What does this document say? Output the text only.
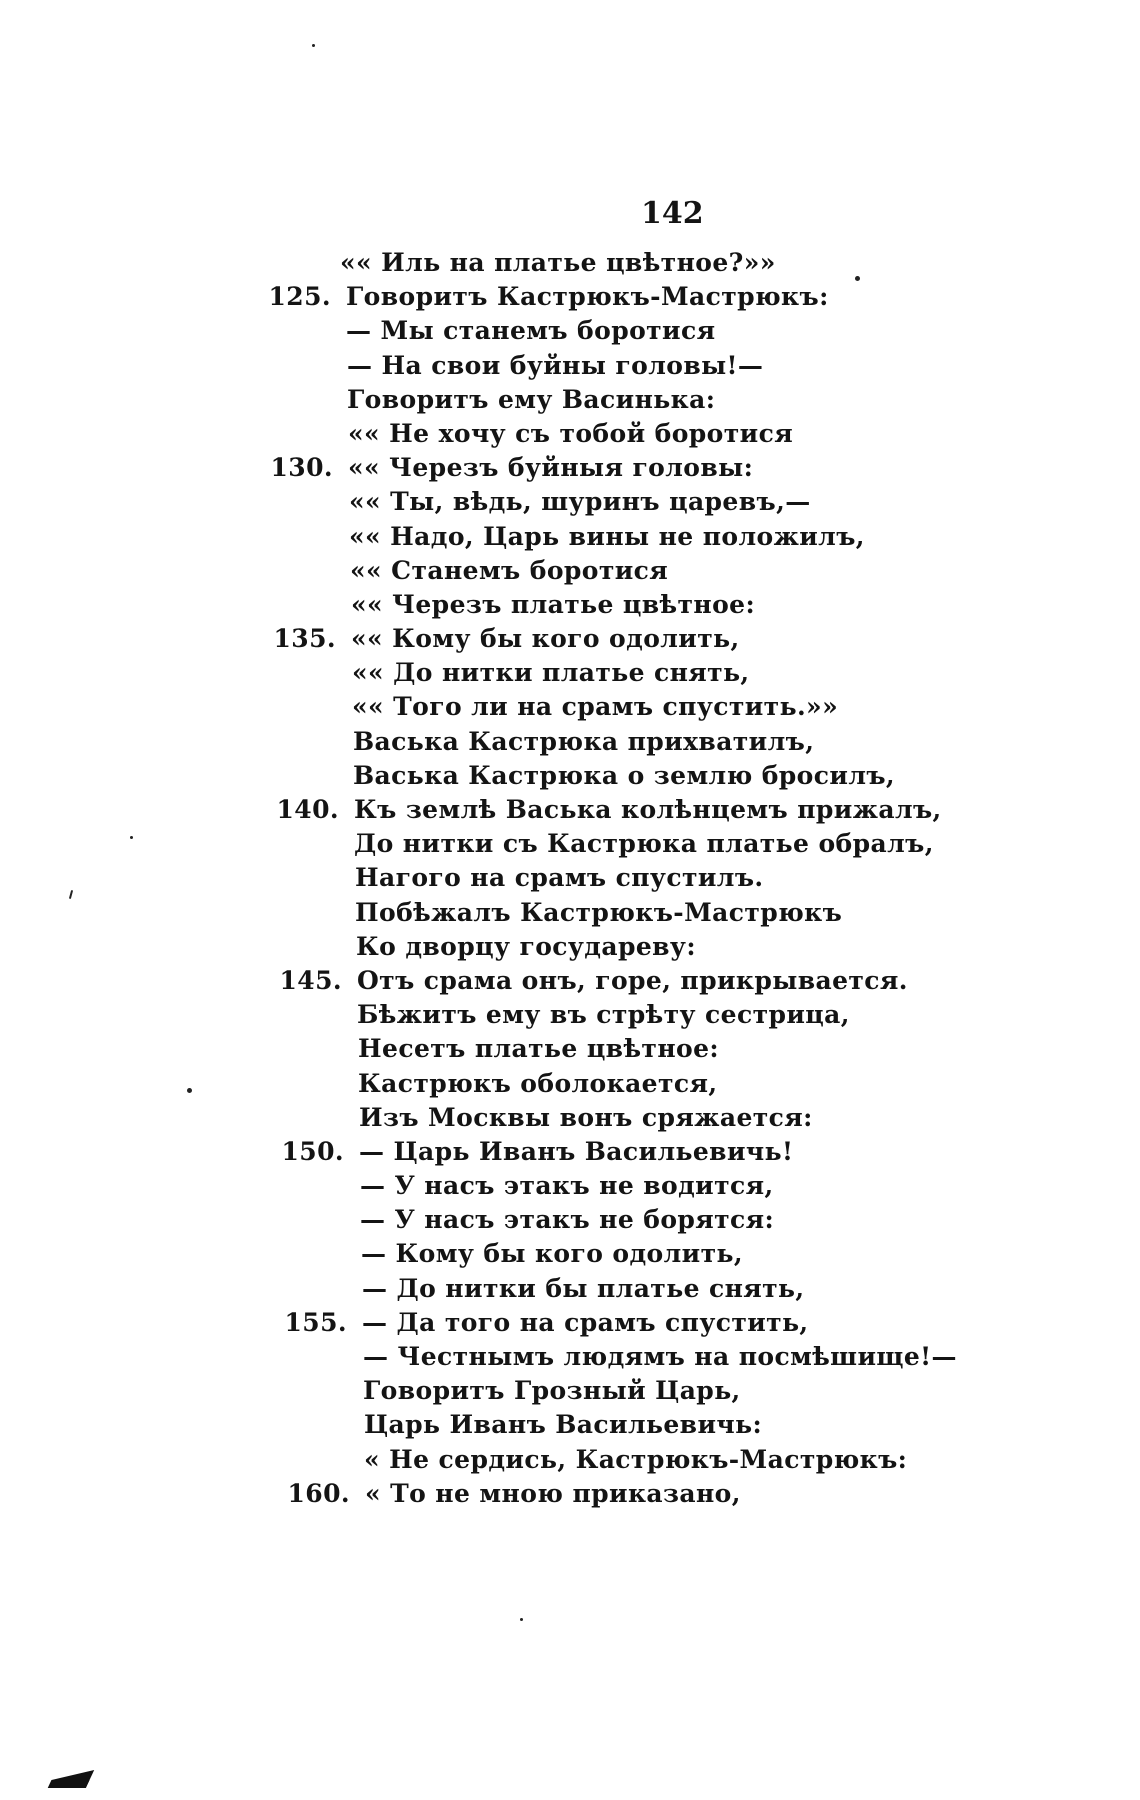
142
«« Иль на платье цвѣтное?»»
125. Говоритъ Кастрюкъ-Мастрюкъ:
— Мы станемъ боротися
— На свои буйны головы!—
Говоритъ ему Васинька:
«« Не хочу съ тобой боротися
130. «« Черезъ буйныя головы:
«« Ты, вѣдь, шуринъ царевъ,—
«« Надо, Царь вины не положилъ,
«« Станемъ боротися
«« Черезъ платье цвѣтное:
135. «« Кому бы кого одолить,
«« До нитки платье снять,
«« Того ли на срамъ спустить.»»
Васька Кастрюка прихватилъ,
Васька Кастрюка о землю бросилъ,
140. Къ землѣ Васька колѣнцемъ прижалъ,
До нитки съ Кастрюка платье обралъ,
Нагого на срамъ спустилъ.
Побѣжалъ Кастрюкъ-Мастрюкъ
Ко дворцу государеву:
145. Отъ срама онъ, горе, прикрывается.
Бѣжитъ ему въ стрѣту сестрица,
Несетъ платье цвѣтное:
Кастрюкъ оболокается,
Изъ Москвы вонъ сряжается:
150. — Царь Иванъ Васильевичь!
— У насъ этакъ не водится,
— У насъ этакъ не борятся:
— Кому бы кого одолить,
— До нитки бы платье снять,
155. — Да того на срамъ спустить,
— Честнымъ людямъ на посмѣшище!—
Говоритъ Грозный Царь,
Царь Иванъ Васильевичь:
« Не сердись, Кастрюкъ-Мастрюкъ:
160. « То не мною приказано,
